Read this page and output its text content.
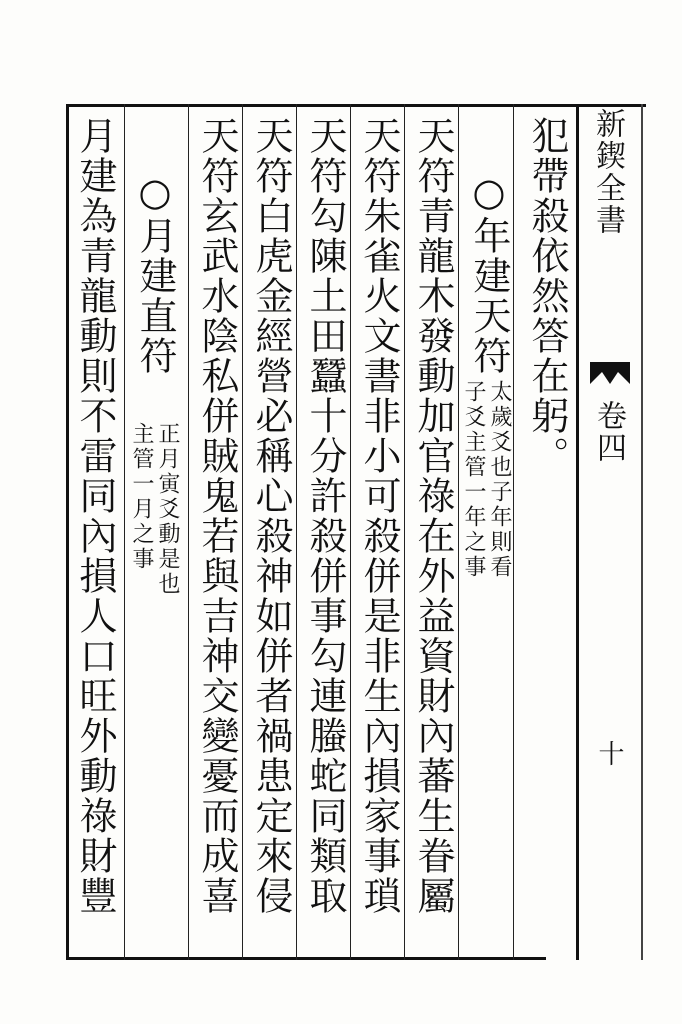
新鍥全書
卷四
十
犯帶殺依然答在躬。
○年建天符
太歲爻也子年則看
子爻主管一年之事
天符青龍木發動加官祿在外益資財內蕃生眷屬
天符朱雀火文書非小可殺併是非生內損家事瑣
天符勾陳土田蠶十分許殺併事勾連螣蛇同類取
天符白虎金經營必稱心殺神如併者禍患定來侵
天符玄武水陰私併賊鬼若與吉神交變憂而成喜
○月建直符
正月寅爻動是也
主管一月之事
月建為青龍動則不雷同內損人口旺外動祿財豐
